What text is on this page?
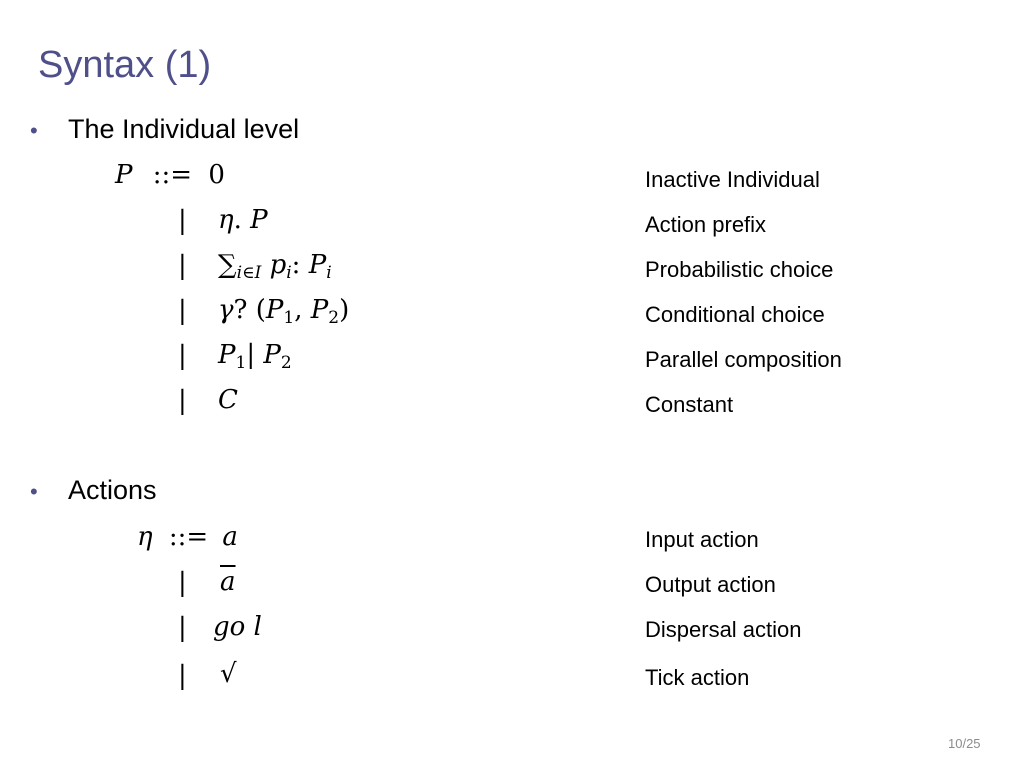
Syntax (1)
•	The Individual level
P ::= 0	Inactive Individual
| η. P	Action prefix
| $\sum_{i\in I}$ $p_i$: $P_i$	Probabilistic choice
| γ? ($P_1$, $P_2$)	Conditional choice
| $P_1|$ $P_2$	Parallel composition
| C	Constant
•	Actions
η ::= a	Input action
| $\overline{a}$	Output action
| go l	Dispersal action
| √	Tick action
10/25
